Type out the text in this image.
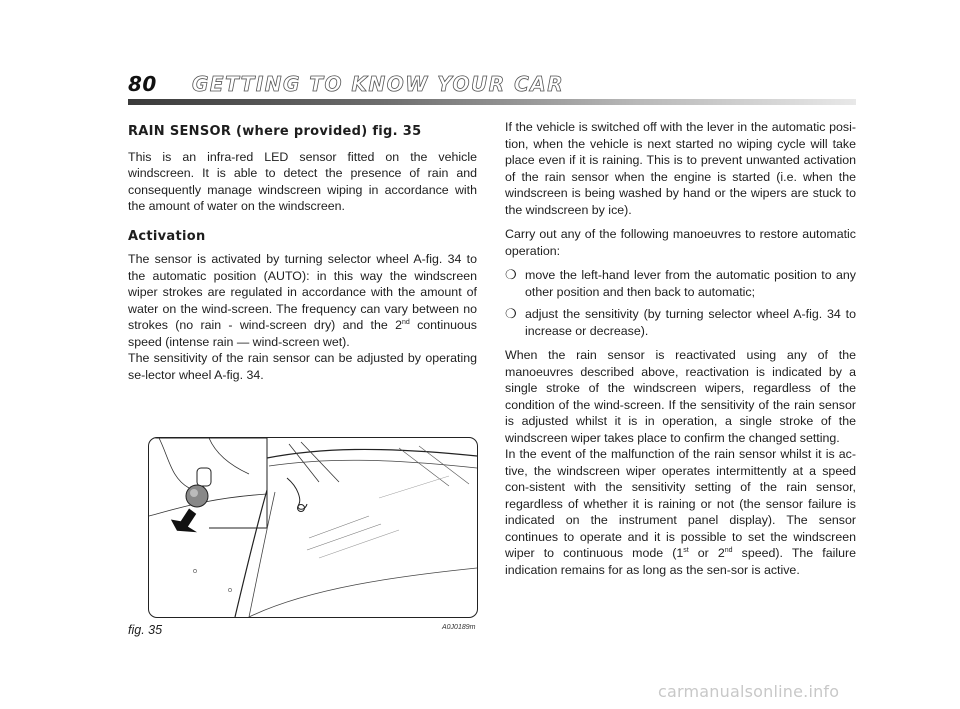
80 GETTING TO KNOW YOUR CAR
RAIN SENSOR (where provided) fig. 35

This is an infra-red LED sensor fitted on the vehicle windscreen. It is able to detect the presence of rain and consequently manage windscreen wiping in accordance with the amount of water on the windscreen.

Activation

The sensor is activated by turning selector wheel A-fig. 34 to the automatic position (AUTO): in this way the windscreen wiper strokes are regulated in accordance with the amount of water on the wind-screen. The frequency can vary between no strokes (no rain - wind-screen dry) and the 2nd continuous speed (intense rain — wind-screen wet).

The sensitivity of the rain sensor can be adjusted by operating se-lector wheel A-fig. 34.

If the vehicle is switched off with the lever in the automatic posi-tion, when the vehicle is next started no wiping cycle will take place even if it is raining. This is to prevent unwanted activation of the rain sensor when the engine is started (i.e. when the windscreen is being washed by hand or the wipers are stuck to the windscreen by ice).

Carry out any of the following manoeuvres to restore automatic operation:

❍ move the left-hand lever from the automatic position to any other position and then back to automatic;
❍ adjust the sensitivity (by turning selector wheel A-fig. 34 to increase or decrease).

When the rain sensor is reactivated using any of the manoeuvres described above, reactivation is indicated by a single stroke of the windscreen wipers, regardless of the condition of the wind-screen. If the sensitivity of the rain sensor is adjusted whilst it is in operation, a single stroke of the windscreen wiper takes place to confirm the changed setting.

In the event of the malfunction of the rain sensor whilst it is ac-tive, the windscreen wiper operates intermittently at a speed con-sistent with the sensitivity setting of the rain sensor, regardless of whether it is raining or not (the sensor failure is indicated on the instrument panel display). The sensor continues to operate and it is possible to set the windscreen wiper to continuous mode (1st or 2nd speed). The failure indication remains for as long as the sen-sor is active.

fig. 35	A0J0189m
carmanualsonline.info
